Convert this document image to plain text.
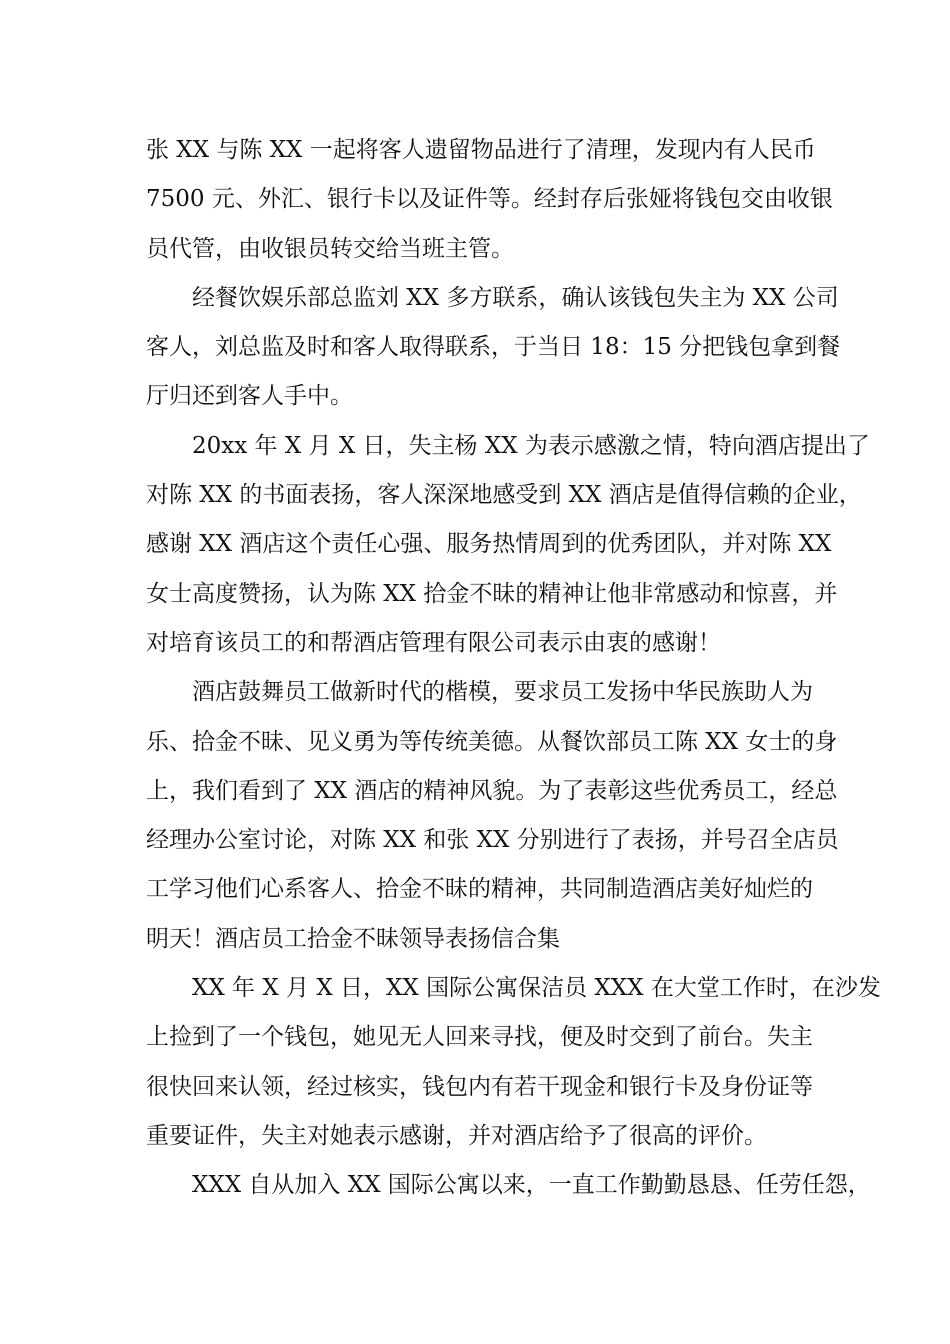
张 XX 与陈 XX 一起将客人遗留物品进行了清理，发现内有人民币
7500 元、外汇、银行卡以及证件等。经封存后张娅将钱包交由收银
员代管，由收银员转交给当班主管。
经餐饮娱乐部总监刘 XX 多方联系，确认该钱包失主为 XX 公司
客人，刘总监及时和客人取得联系，于当日 18：15 分把钱包拿到餐
厅归还到客人手中。
20xx 年 X 月 X 日，失主杨 XX 为表示感激之情，特向酒店提出了
对陈 XX 的书面表扬，客人深深地感受到 XX 酒店是值得信赖的企业，
感谢 XX 酒店这个责任心强、服务热情周到的优秀团队，并对陈 XX
女士高度赞扬，认为陈 XX 拾金不昧的精神让他非常感动和惊喜，并
对培育该员工的和帮酒店管理有限公司表示由衷的感谢！
酒店鼓舞员工做新时代的楷模，要求员工发扬中华民族助人为
乐、拾金不昧、见义勇为等传统美德。从餐饮部员工陈 XX 女士的身
上，我们看到了 XX 酒店的精神风貌。为了表彰这些优秀员工，经总
经理办公室讨论，对陈 XX 和张 XX 分别进行了表扬，并号召全店员
工学习他们心系客人、拾金不昧的精神，共同制造酒店美好灿烂的
明天！酒店员工拾金不昧领导表扬信合集
XX 年 X 月 X 日，XX 国际公寓保洁员 XXX 在大堂工作时，在沙发
上捡到了一个钱包，她见无人回来寻找，便及时交到了前台。失主
很快回来认领，经过核实，钱包内有若干现金和银行卡及身份证等
重要证件，失主对她表示感谢，并对酒店给予了很高的评价。
XXX 自从加入 XX 国际公寓以来，一直工作勤勤恳恳、任劳任怨，
